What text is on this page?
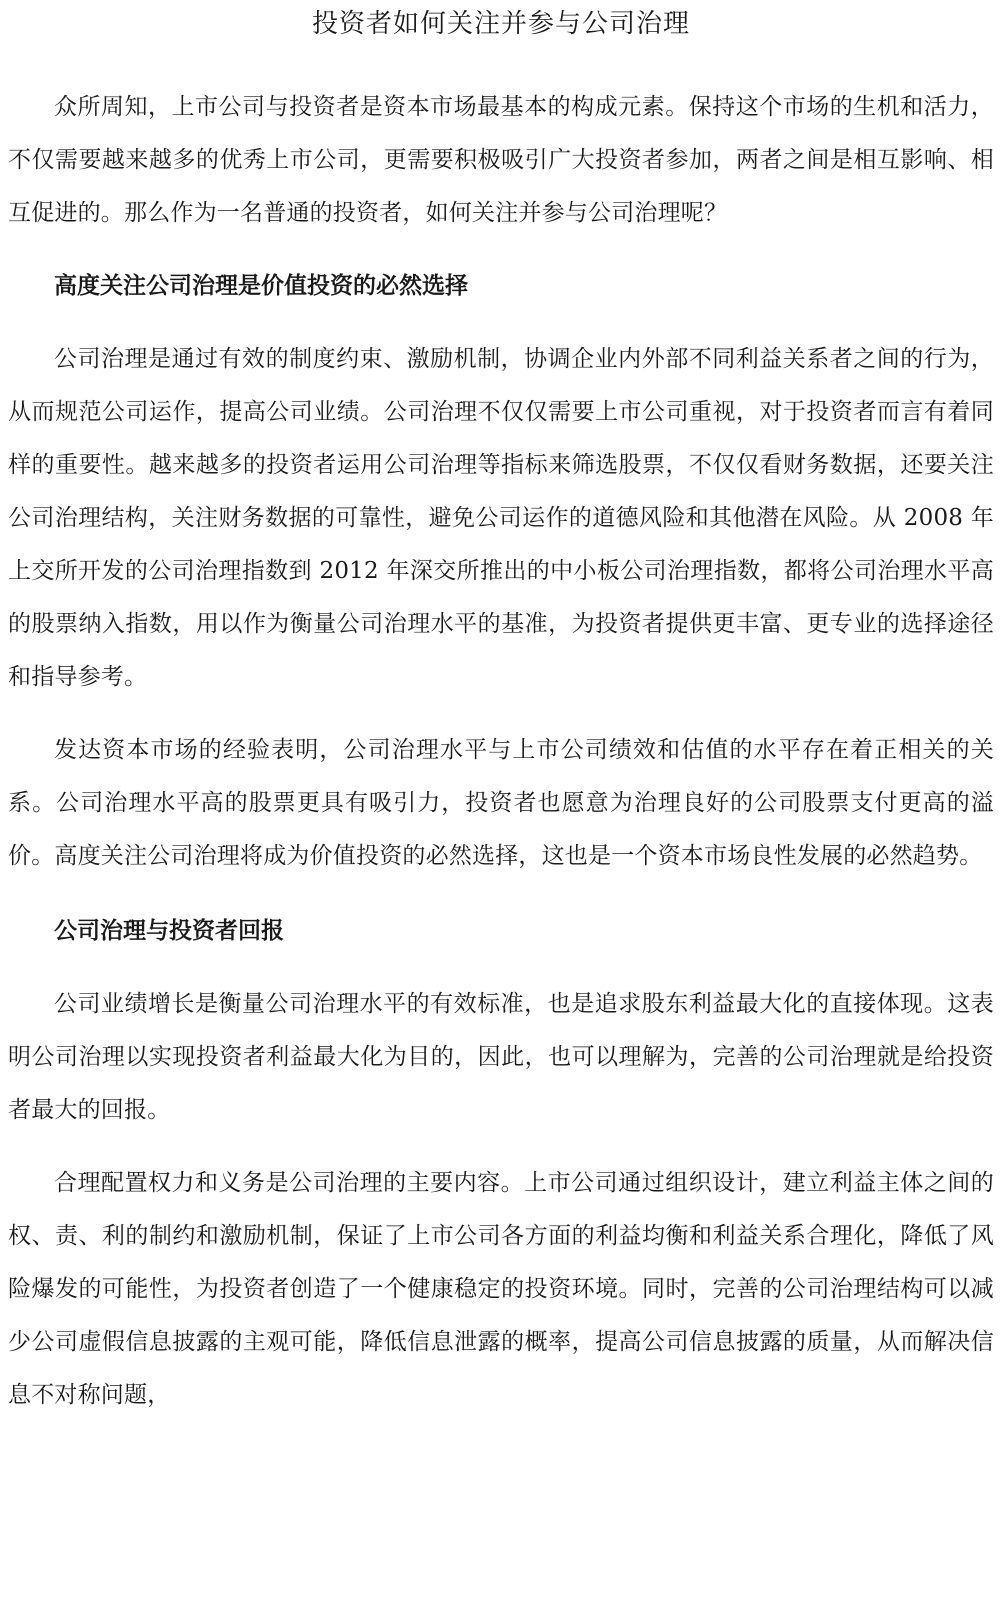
投资者如何关注并参与公司治理

众所周知，上市公司与投资者是资本市场最基本的构成元素。保持这个市场的生机和活力，不仅需要越来越多的优秀上市公司，更需要积极吸引广大投资者参加，两者之间是相互影响、相互促进的。那么作为一名普通的投资者，如何关注并参与公司治理呢？

高度关注公司治理是价值投资的必然选择

公司治理是通过有效的制度约束、激励机制，协调企业内外部不同利益关系者之间的行为，从而规范公司运作，提高公司业绩。公司治理不仅仅需要上市公司重视，对于投资者而言有着同样的重要性。越来越多的投资者运用公司治理等指标来筛选股票，不仅仅看财务数据，还要关注公司治理结构，关注财务数据的可靠性，避免公司运作的道德风险和其他潜在风险。从 2008 年上交所开发的公司治理指数到 2012 年深交所推出的中小板公司治理指数，都将公司治理水平高的股票纳入指数，用以作为衡量公司治理水平的基准，为投资者提供更丰富、更专业的选择途径和指导参考。

发达资本市场的经验表明，公司治理水平与上市公司绩效和估值的水平存在着正相关的关系。公司治理水平高的股票更具有吸引力，投资者也愿意为治理良好的公司股票支付更高的溢价。高度关注公司治理将成为价值投资的必然选择，这也是一个资本市场良性发展的必然趋势。

公司治理与投资者回报

公司业绩增长是衡量公司治理水平的有效标准，也是追求股东利益最大化的直接体现。这表明公司治理以实现投资者利益最大化为目的，因此，也可以理解为，完善的公司治理就是给投资者最大的回报。

合理配置权力和义务是公司治理的主要内容。上市公司通过组织设计，建立利益主体之间的权、责、利的制约和激励机制，保证了上市公司各方面的利益均衡和利益关系合理化，降低了风险爆发的可能性，为投资者创造了一个健康稳定的投资环境。同时，完善的公司治理结构可以减少公司虚假信息披露的主观可能，降低信息泄露的概率，提高公司信息披露的质量，从而解决信息不对称问题，
